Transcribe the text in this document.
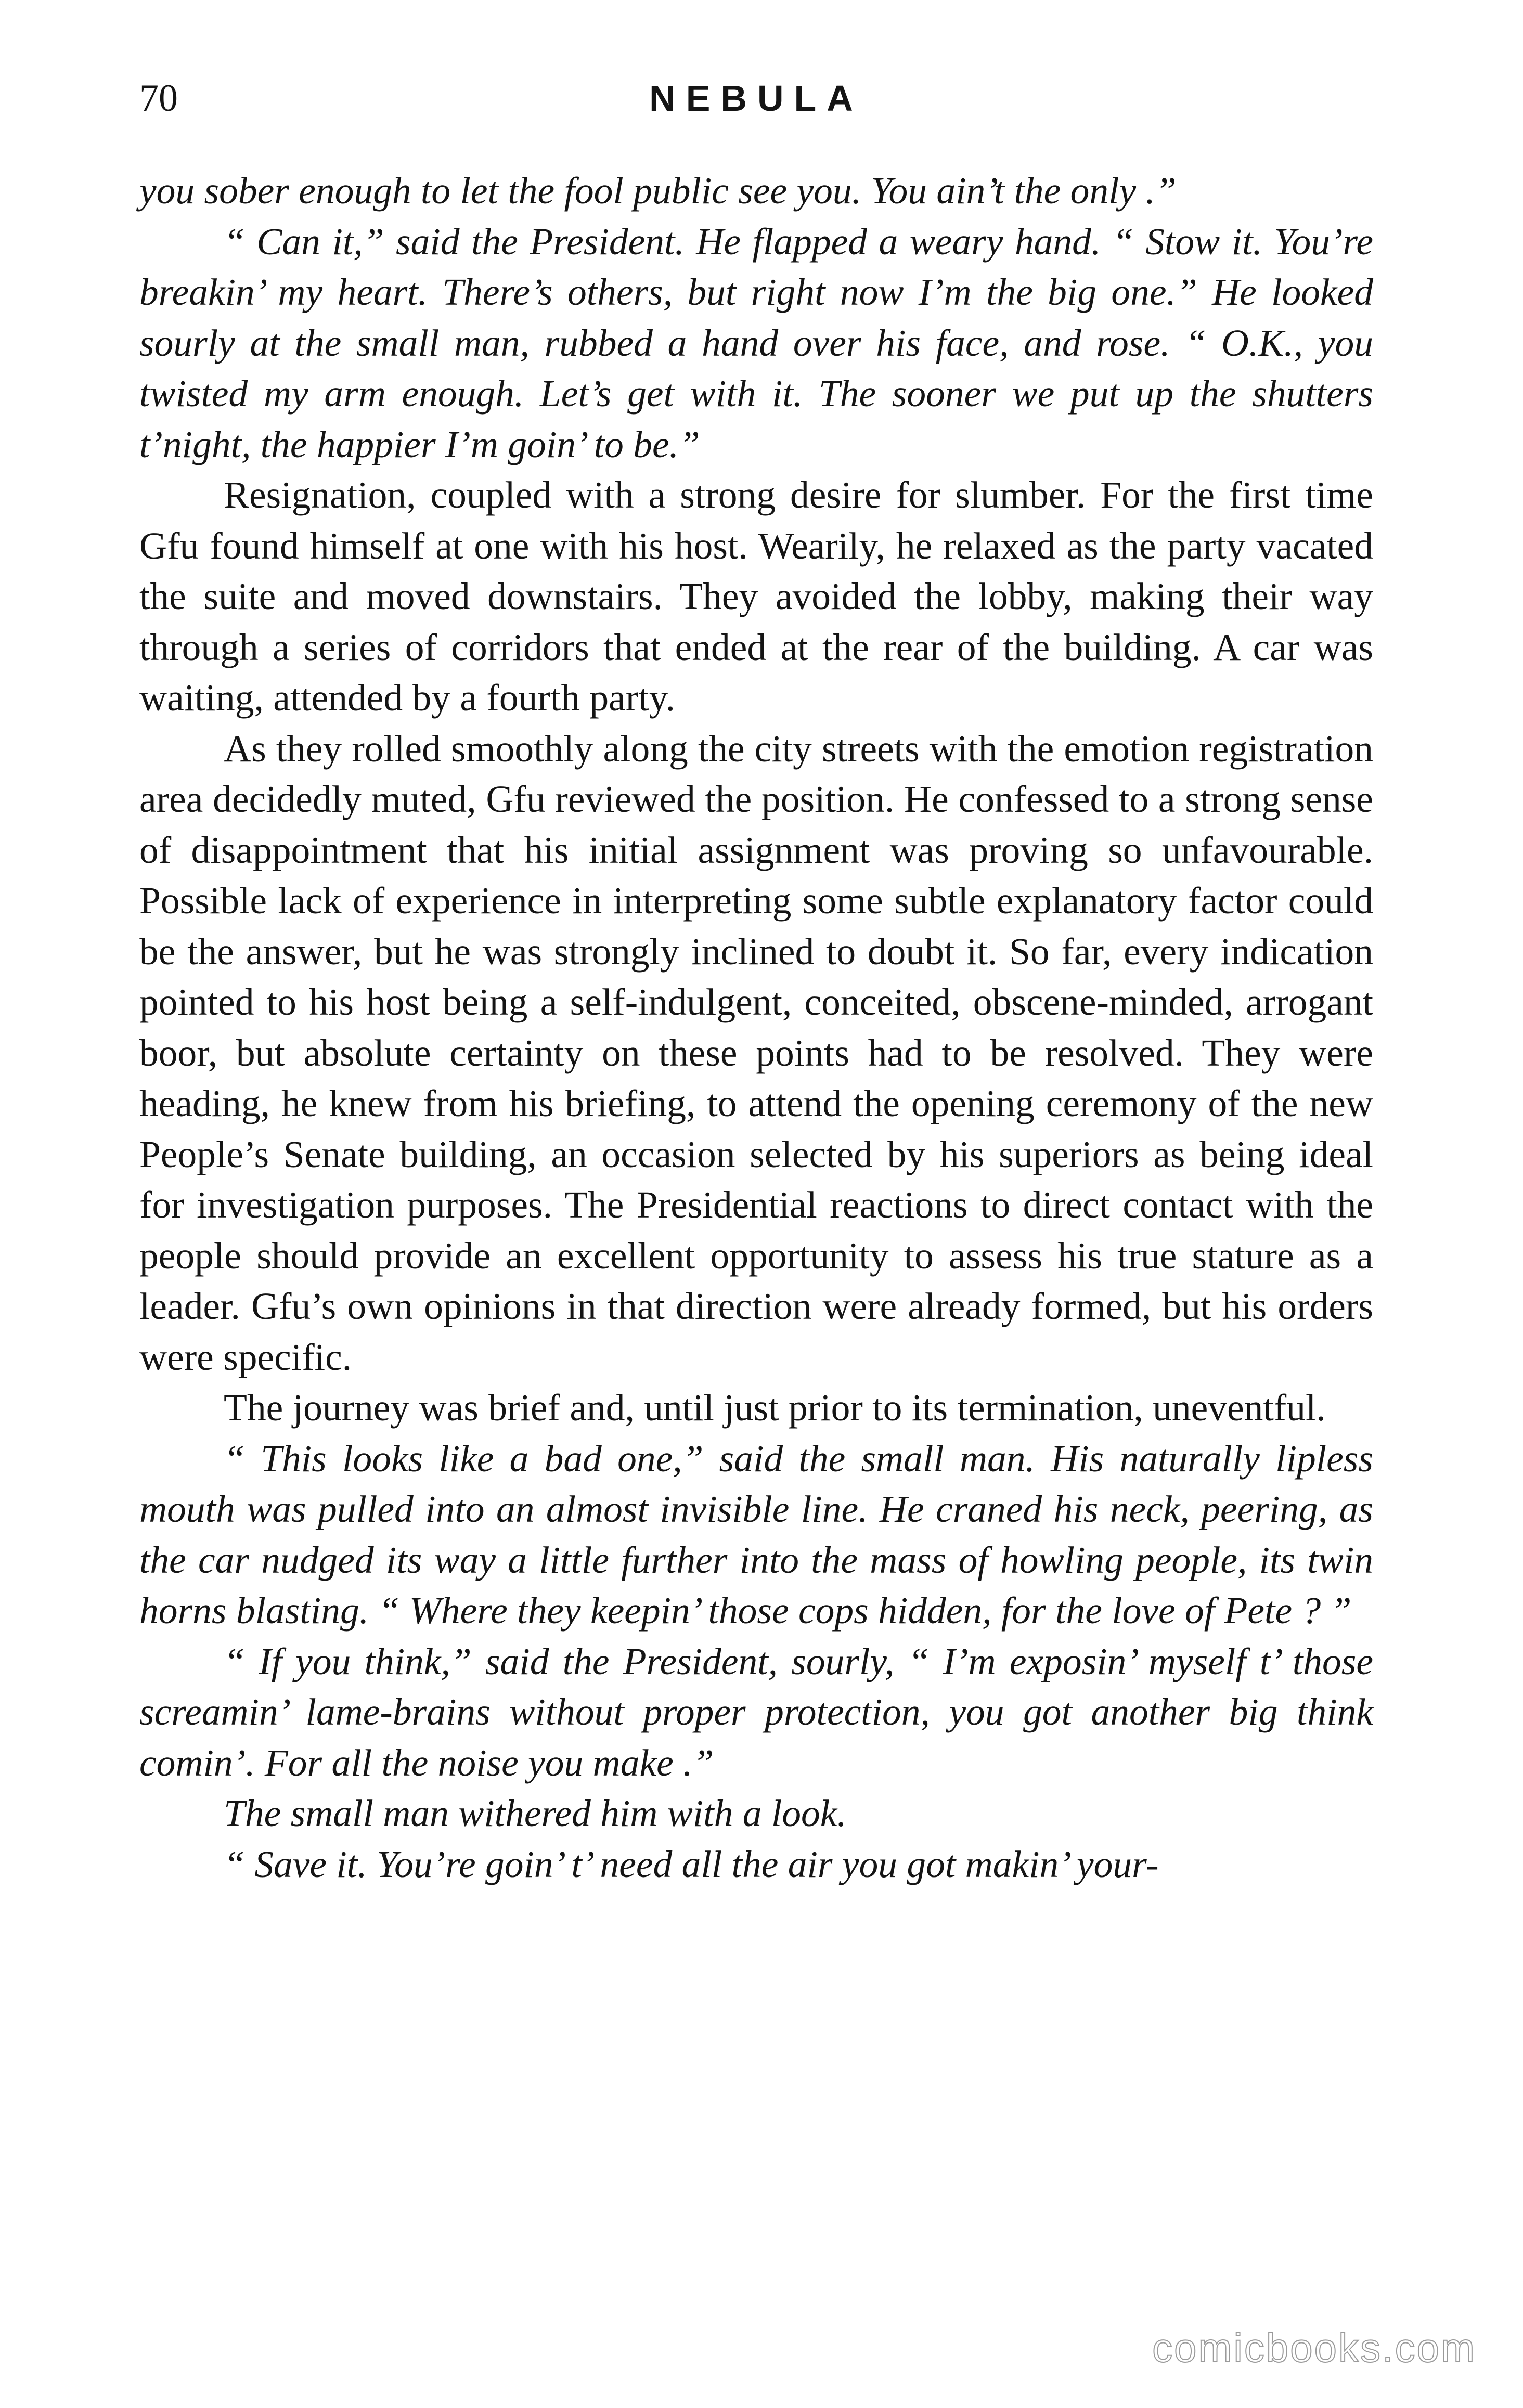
70	NEBULA

you sober enough to let the fool public see you. You ain’t the only .”

“ Can it,” said the President. He flapped a weary hand. “ Stow it. You’re breakin’ my heart. There’s others, but right now I’m the big one.” He looked sourly at the small man, rubbed a hand over his face, and rose. “ O.K., you twisted my arm enough. Let’s get with it. The sooner we put up the shutters t’night, the happier I’m goin’ to be.”

Resignation, coupled with a strong desire for slumber. For the first time Gfu found himself at one with his host. Wearily, he relaxed as the party vacated the suite and moved downstairs. They avoided the lobby, making their way through a series of corridors that ended at the rear of the building. A car was waiting, attended by a fourth party.

As they rolled smoothly along the city streets with the emotion registration area decidedly muted, Gfu reviewed the position. He confessed to a strong sense of disappointment that his initial assignment was proving so unfavourable. Possible lack of experience in interpreting some subtle explanatory factor could be the answer, but he was strongly inclined to doubt it. So far, every indication pointed to his host being a self-indulgent, conceited, obscene-minded, arrogant boor, but absolute certainty on these points had to be resolved. They were heading, he knew from his briefing, to attend the opening ceremony of the new People’s Senate building, an occasion selected by his superiors as being ideal for investigation purposes. The Presidential reactions to direct contact with the people should provide an excellent opportunity to assess his true stature as a leader. Gfu’s own opinions in that direction were already formed, but his orders were specific.

The journey was brief and, until just prior to its termination, uneventful.

“ This looks like a bad one,” said the small man. His naturally lipless mouth was pulled into an almost invisible line. He craned his neck, peering, as the car nudged its way a little further into the mass of howling people, its twin horns blasting. “ Where they keepin’ those cops hidden, for the love of Pete ? ”

“ If you think,” said the President, sourly, “ I’m exposin’ myself t’ those screamin’ lame-brains without proper protection, you got another big think comin’. For all the noise you make .”

The small man withered him with a look.

“ Save it. You’re goin’ t’ need all the air you got makin’ your-

comicbooks.com
